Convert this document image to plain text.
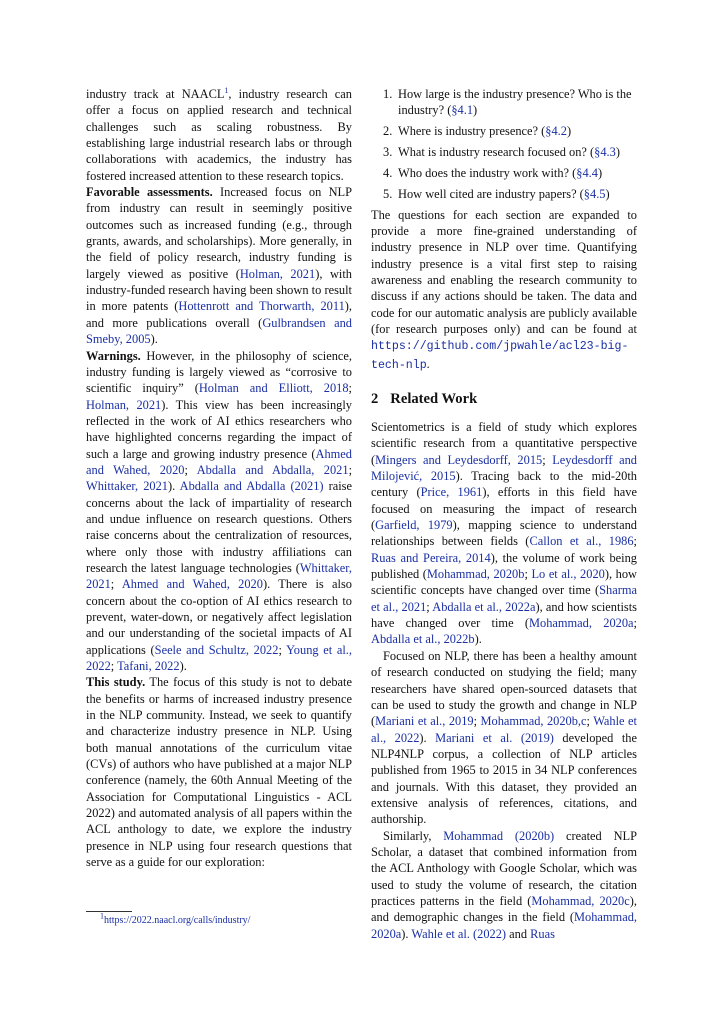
industry track at NAACL$^1$, industry research can offer a focus on applied research and technical challenges such as scaling robustness. By establishing large industrial research labs or through collaborations with academics, the industry has fostered increased attention to these research topics.

Favorable assessments. Increased focus on NLP from industry can result in seemingly positive outcomes such as increased funding (e.g., through grants, awards, and scholarships). More generally, in the field of policy research, industry funding is largely viewed as positive (Holman, 2021), with industry-funded research having been shown to result in more patents (Hottenrott and Thorwarth, 2011), and more publications overall (Gulbrandsen and Smeby, 2005).

Warnings. However, in the philosophy of science, industry funding is largely viewed as “corrosive to scientific inquiry” (Holman and Elliott, 2018; Holman, 2021). This view has been increasingly reflected in the work of AI ethics researchers who have highlighted concerns regarding the impact of such a large and growing industry presence (Ahmed and Wahed, 2020; Abdalla and Abdalla, 2021; Whittaker, 2021). Abdalla and Abdalla (2021) raise concerns about the lack of impartiality of research and undue influence on research questions. Others raise concerns about the centralization of resources, where only those with industry affiliations can research the latest language technologies (Whittaker, 2021; Ahmed and Wahed, 2020). There is also concern about the co-option of AI ethics research to prevent, water-down, or negatively affect legislation and our understanding of the societal impacts of AI applications (Seele and Schultz, 2022; Young et al., 2022; Tafani, 2022).

This study. The focus of this study is not to debate the benefits or harms of increased industry presence in the NLP community. Instead, we seek to quantify and characterize industry presence in NLP. Using both manual annotations of the curriculum vitae (CVs) of authors who have published at a major NLP conference (namely, the 60th Annual Meeting of the Association for Computational Linguistics - ACL 2022) and automated analysis of all papers within the ACL anthology to date, we explore the industry presence in NLP using four research questions that serve as a guide for our exploration:

$^1$https://2022.naacl.org/calls/industry/
1. How large is the industry presence? Who is the industry? (§4.1)
2. Where is industry presence? (§4.2)
3. What is industry research focused on? (§4.3)
4. Who does the industry work with? (§4.4)
5. How well cited are industry papers? (§4.5)

The questions for each section are expanded to provide a more fine-grained understanding of industry presence in NLP over time. Quantifying industry presence is a vital first step to raising awareness and enabling the research community to discuss if any actions should be taken. The data and code for our automatic analysis are publicly available (for research purposes only) and can be found at https://github.com/jpwahle/acl23-big-tech-nlp.

2 Related Work

Scientometrics is a field of study which explores scientific research from a quantitative perspective (Mingers and Leydesdorff, 2015; Leydesdorff and Milojević, 2015). Tracing back to the mid-20th century (Price, 1961), efforts in this field have focused on measuring the impact of research (Garfield, 1979), mapping science to understand relationships between fields (Callon et al., 1986; Ruas and Pereira, 2014), the volume of work being published (Mohammad, 2020b; Lo et al., 2020), how scientific concepts have changed over time (Sharma et al., 2021; Abdalla et al., 2022a), and how scientists have changed over time (Mohammad, 2020a; Abdalla et al., 2022b).

Focused on NLP, there has been a healthy amount of research conducted on studying the field; many researchers have shared open-sourced datasets that can be used to study the growth and change in NLP (Mariani et al., 2019; Mohammad, 2020b,c; Wahle et al., 2022). Mariani et al. (2019) developed the NLP4NLP corpus, a collection of NLP articles published from 1965 to 2015 in 34 NLP conferences and journals. With this dataset, they provided an extensive analysis of references, citations, and authorship.

Similarly, Mohammad (2020b) created NLP Scholar, a dataset that combined information from the ACL Anthology with Google Scholar, which was used to study the volume of research, the citation practices patterns in the field (Mohammad, 2020c), and demographic changes in the field (Mohammad, 2020a). Wahle et al. (2022) and Ruas
